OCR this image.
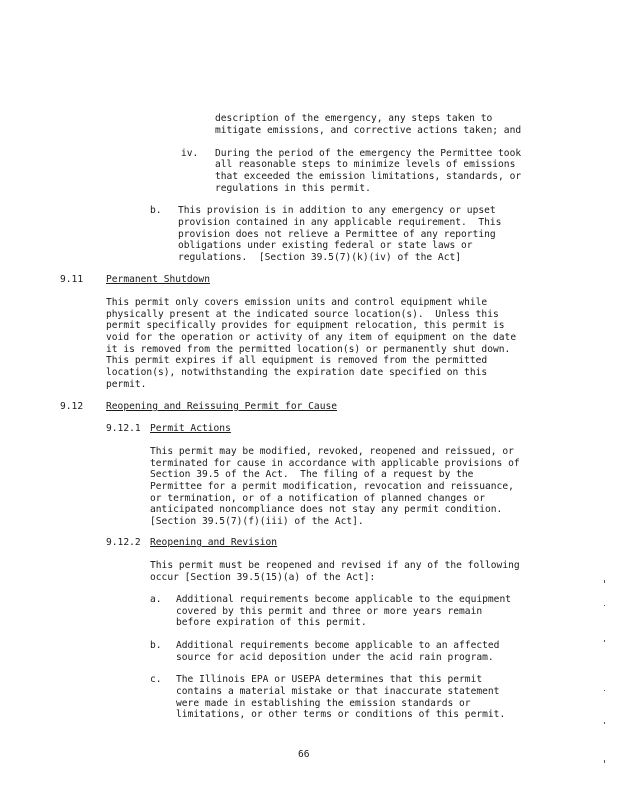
description of the emergency, any steps taken to

mitigate emissions, and corrective actions taken; and

iv. During the period of the emergency the Permittee took

all reasonable steps to minimize levels of emissions

that exceeded the emission limitations, standards, or

regulations in this permit.

b. This provision is in addition to any emergency or upset

provision contained in any applicable requirement.  This

provision does not relieve a Permittee of any reporting

obligations under existing federal or state laws or

regulations.  [Section 39.5(7)(k)(iv) of the Act]

9.11 Permanent Shutdown

This permit only covers emission units and control equipment while

physically present at the indicated source location(s).  Unless this

permit specifically provides for equipment relocation, this permit is

void for the operation or activity of any item of equipment on the date

it is removed from the permitted location(s) or permanently shut down.

This permit expires if all equipment is removed from the permitted

location(s), notwithstanding the expiration date specified on this

permit.

9.12 Reopening and Reissuing Permit for Cause

9.12.1 Permit Actions

This permit may be modified, revoked, reopened and reissued, or

terminated for cause in accordance with applicable provisions of

Section 39.5 of the Act.  The filing of a request by the

Permittee for a permit modification, revocation and reissuance,

or termination, or of a notification of planned changes or

anticipated noncompliance does not stay any permit condition.

[Section 39.5(7)(f)(iii) of the Act].

9.12.2 Reopening and Revision

This permit must be reopened and revised if any of the following

occur [Section 39.5(15)(a) of the Act]:

a. Additional requirements become applicable to the equipment

covered by this permit and three or more years remain

before expiration of this permit.

b. Additional requirements become applicable to an affected

source for acid deposition under the acid rain program.

c. The Illinois EPA or USEPA determines that this permit

contains a material mistake or that inaccurate statement

were made in establishing the emission standards or

limitations, or other terms or conditions of this permit.

66
